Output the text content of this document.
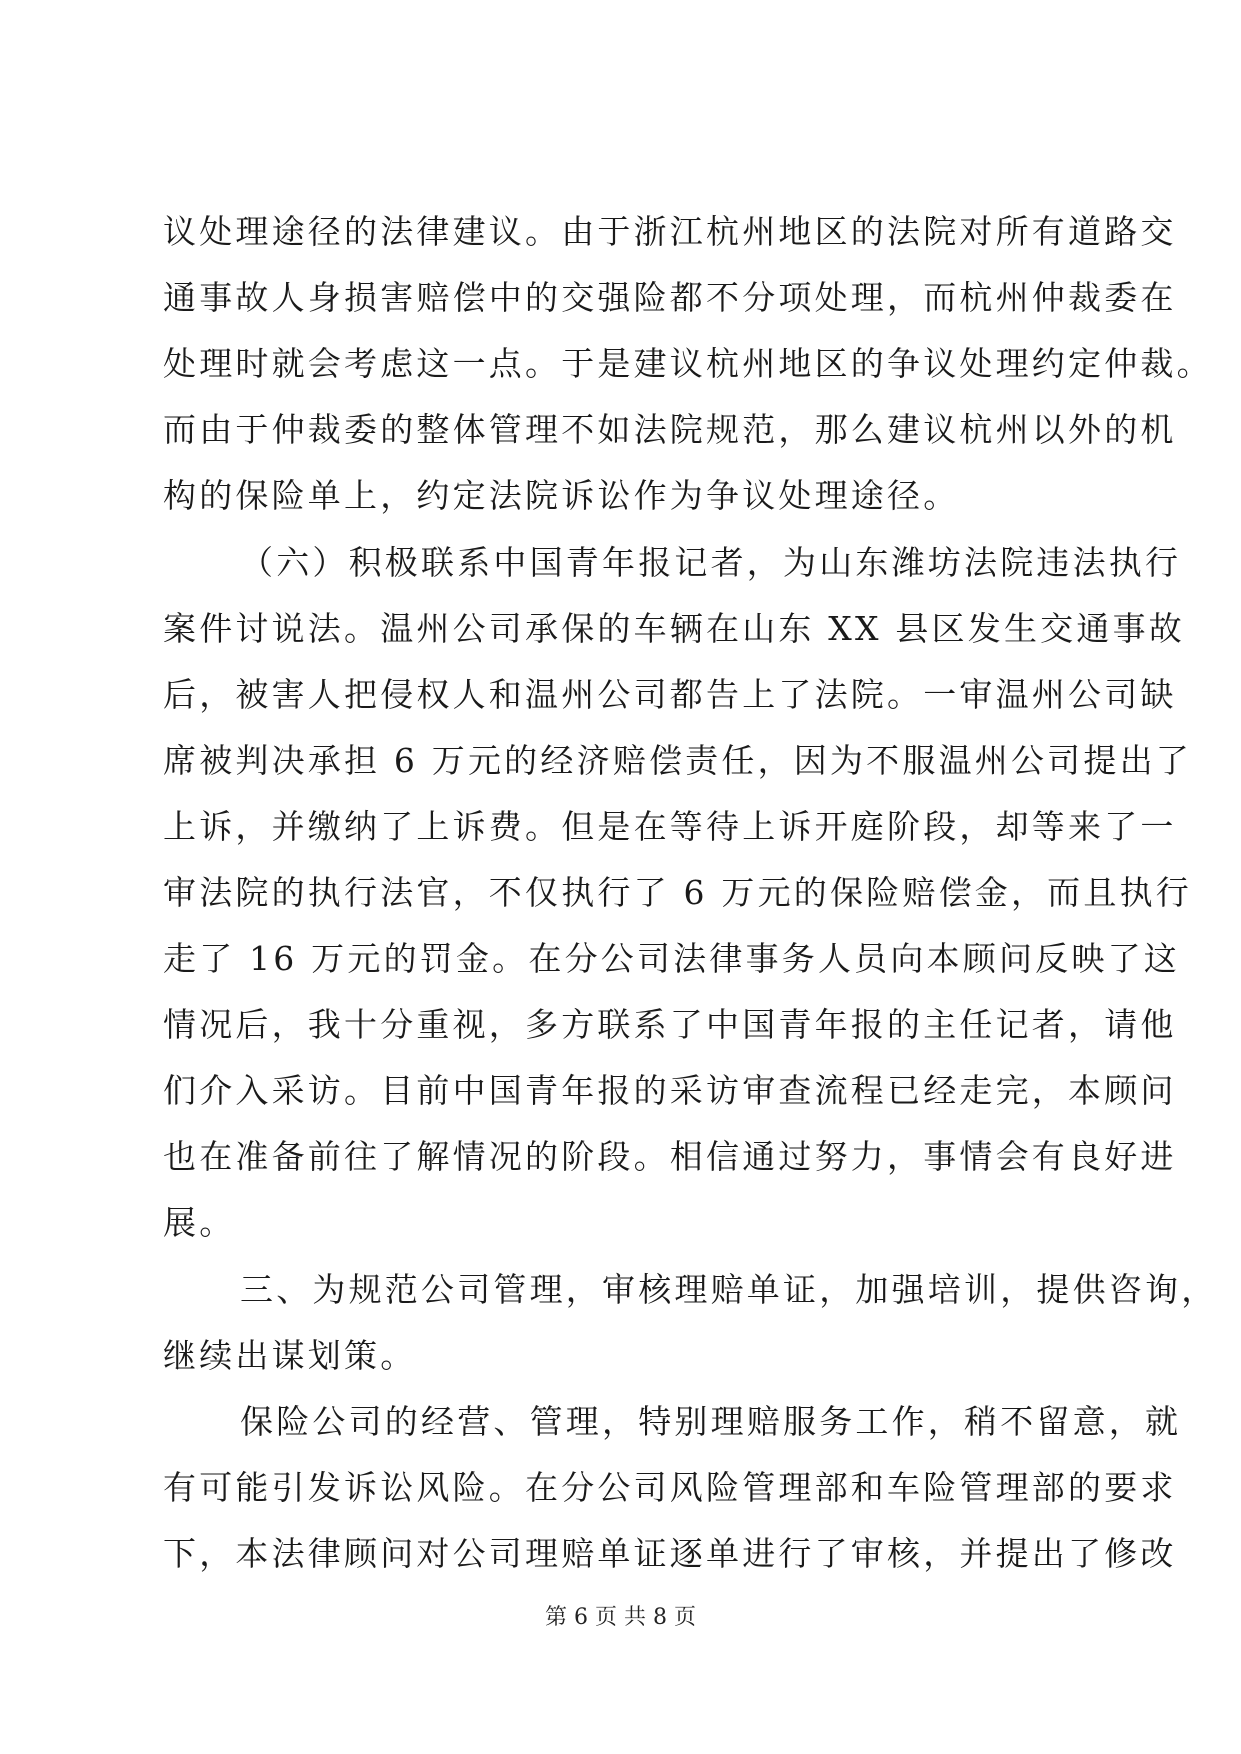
议处理途径的法律建议。由于浙江杭州地区的法院对所有道路交
通事故人身损害赔偿中的交强险都不分项处理，而杭州仲裁委在
处理时就会考虑这一点。于是建议杭州地区的争议处理约定仲裁。
而由于仲裁委的整体管理不如法院规范，那么建议杭州以外的机
构的保险单上，约定法院诉讼作为争议处理途径。
（六）积极联系中国青年报记者，为山东潍坊法院违法执行
案件讨说法。温州公司承保的车辆在山东 XX 县区发生交通事故
后，被害人把侵权人和温州公司都告上了法院。一审温州公司缺
席被判决承担 6 万元的经济赔偿责任，因为不服温州公司提出了
上诉，并缴纳了上诉费。但是在等待上诉开庭阶段，却等来了一
审法院的执行法官，不仅执行了 6 万元的保险赔偿金，而且执行
走了 16 万元的罚金。在分公司法律事务人员向本顾问反映了这
情况后，我十分重视，多方联系了中国青年报的主任记者，请他
们介入采访。目前中国青年报的采访审查流程已经走完，本顾问
也在准备前往了解情况的阶段。相信通过努力，事情会有良好进
展。
三、为规范公司管理，审核理赔单证，加强培训，提供咨询，
继续出谋划策。
保险公司的经营、管理，特别理赔服务工作，稍不留意，就
有可能引发诉讼风险。在分公司风险管理部和车险管理部的要求
下，本法律顾问对公司理赔单证逐单进行了审核，并提出了修改
第 6 页 共 8 页
